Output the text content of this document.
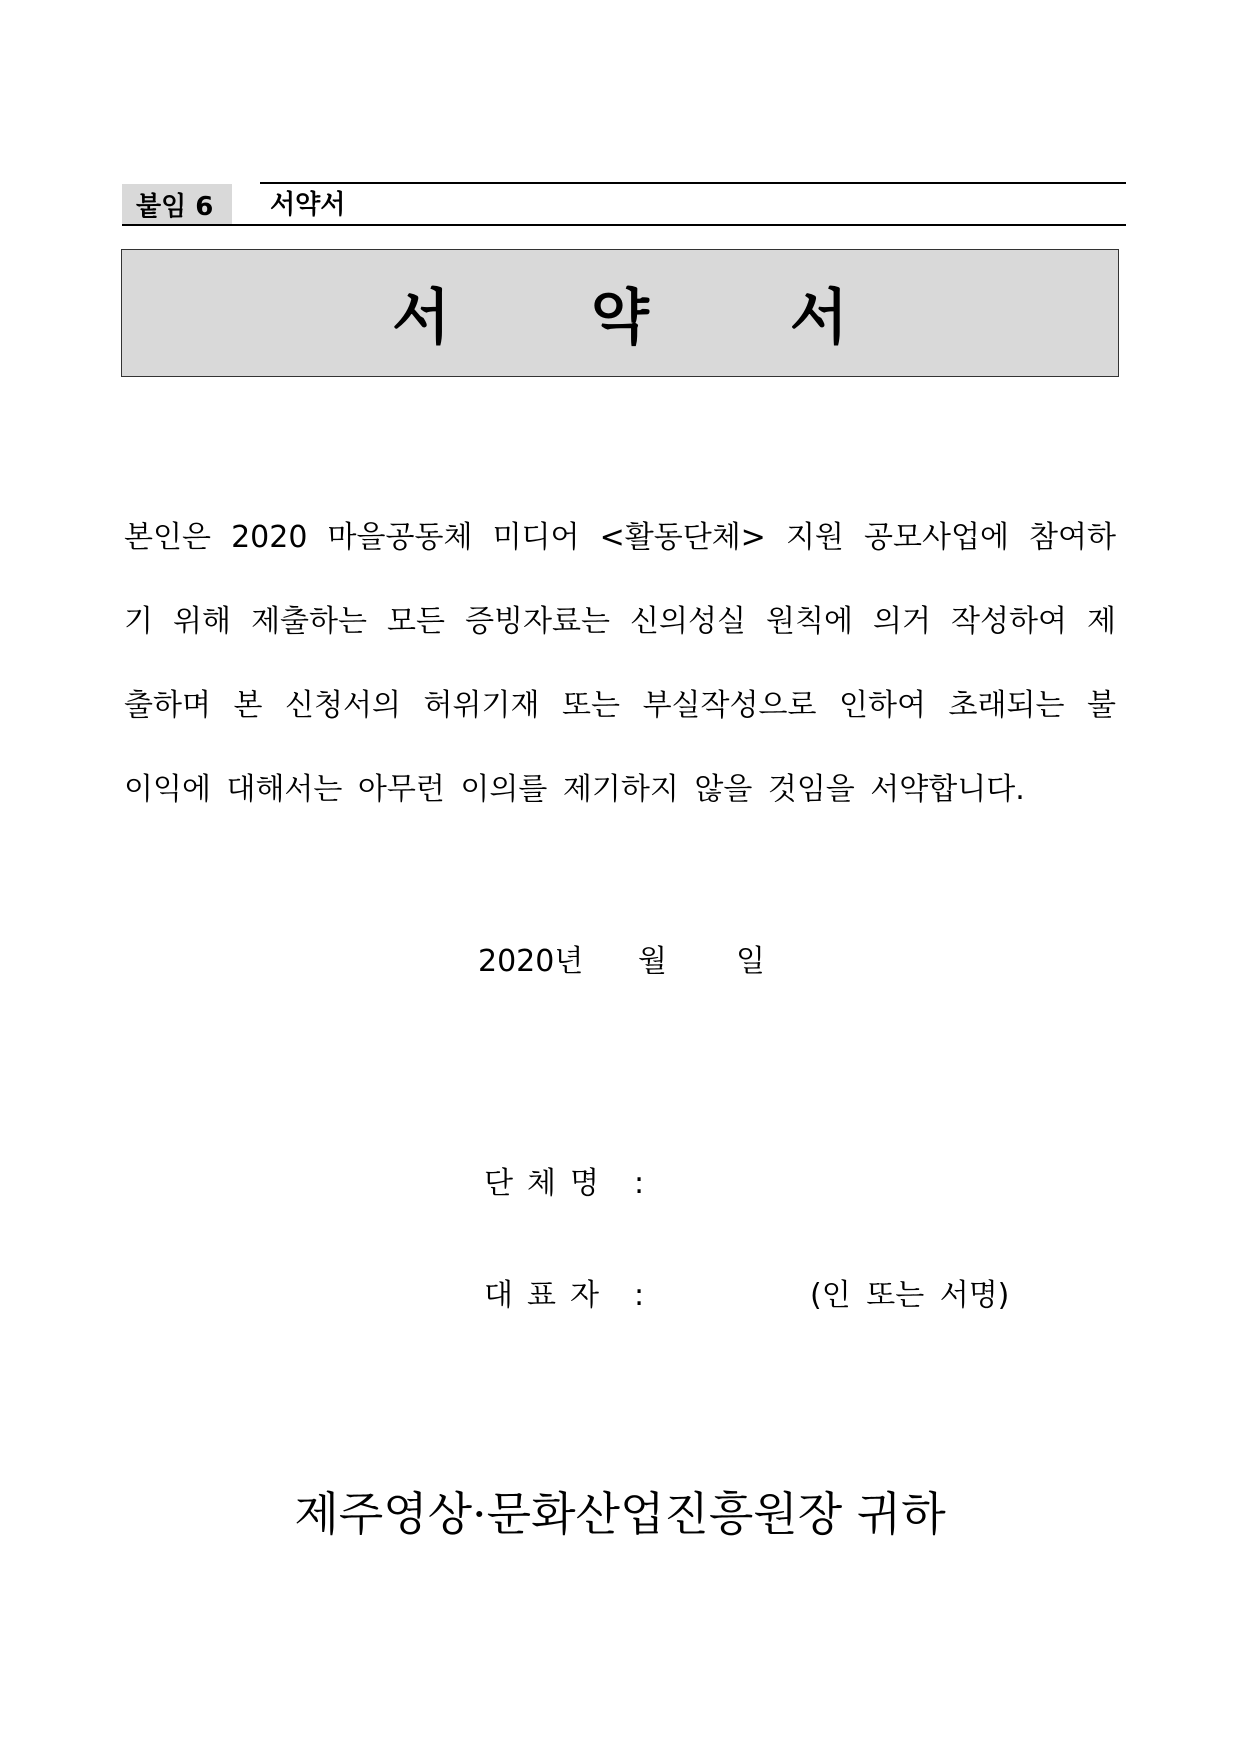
붙임 6	서약서
서 약 서
본인은 2020 마을공동체 미디어 <활동단체> 지원 공모사업에 참여하
기 위해 제출하는 모든 증빙자료는 신의성실 원칙에 의거 작성하여 제
출하며 본 신청서의 허위기재 또는 부실작성으로 인하여 초래되는 불
이익에 대해서는 아무런 이의를 제기하지 않을 것임을 서약합니다.
2020년 월 일
단체명 :
대표자 :	(인 또는 서명)
제주영상·문화산업진흥원장 귀하
